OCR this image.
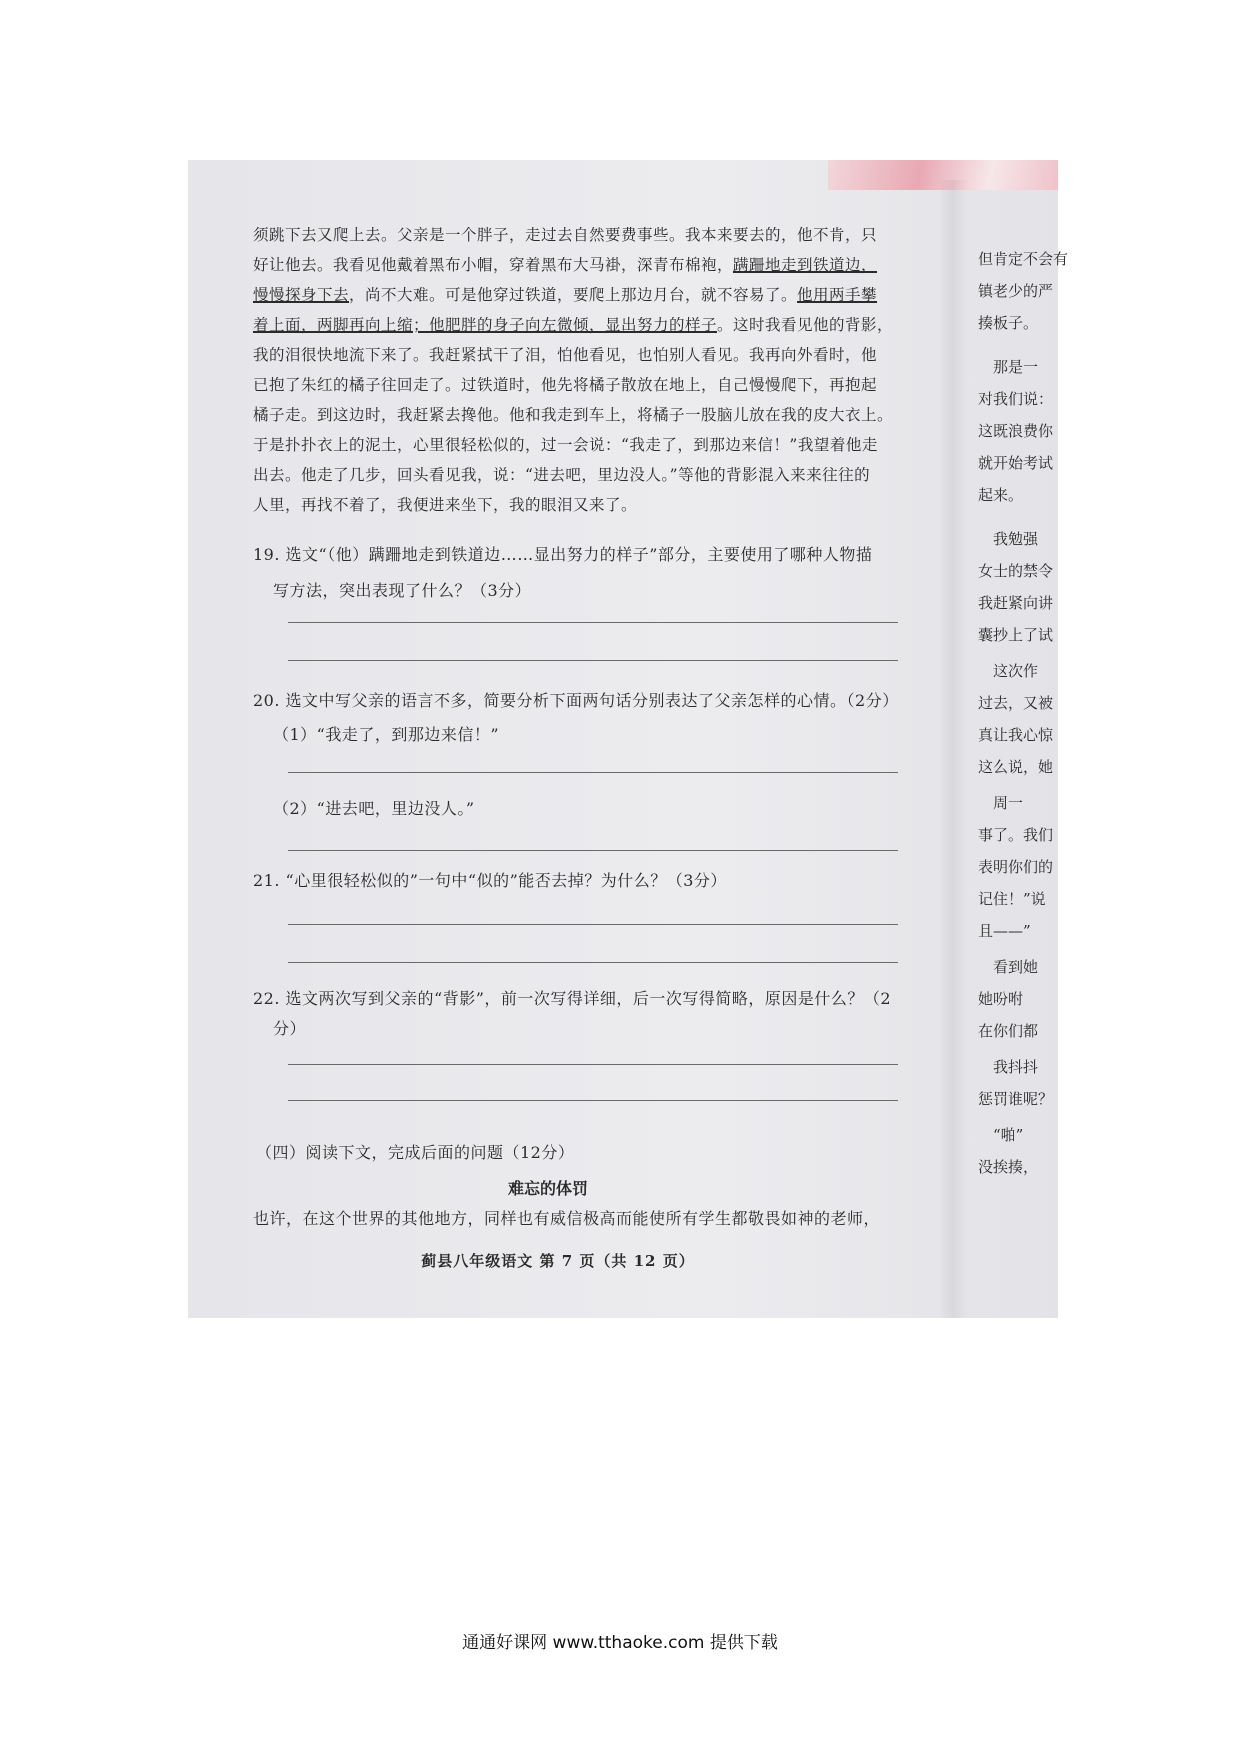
须跳下去又爬上去。父亲是一个胖子，走过去自然要费事些。我本来要去的，他不肯，只
好让他去。我看见他戴着黑布小帽，穿着黑布大马褂，深青布棉袍，蹒跚地走到铁道边，
慢慢探身下去，尚不大难。可是他穿过铁道，要爬上那边月台，就不容易了。他用两手攀
着上面，两脚再向上缩；他肥胖的身子向左微倾，显出努力的样子。这时我看见他的背影，
我的泪很快地流下来了。我赶紧拭干了泪，怕他看见，也怕别人看见。我再向外看时，他
已抱了朱红的橘子往回走了。过铁道时，他先将橘子散放在地上，自己慢慢爬下，再抱起
橘子走。到这边时，我赶紧去搀他。他和我走到车上，将橘子一股脑儿放在我的皮大衣上。
于是扑扑衣上的泥土，心里很轻松似的，过一会说：“我走了，到那边来信！”我望着他走
出去。他走了几步，回头看见我，说：“进去吧，里边没人。”等他的背影混入来来往往的
人里，再找不着了，我便进来坐下，我的眼泪又来了。

19. 选文“（他）蹒跚地走到铁道边……显出努力的样子”部分，主要使用了哪种人物描
写方法，突出表现了什么？（3分）
20. 选文中写父亲的语言不多，简要分析下面两句话分别表达了父亲怎样的心情。（2分）
（1）“我走了，到那边来信！”
（2）“进去吧，里边没人。”
21. “心里很轻松似的”一句中“似的”能否去掉？为什么？（3分）
22. 选文两次写到父亲的“背影”，前一次写得详细，后一次写得简略，原因是什么？（2
分）
（四）阅读下文，完成后面的问题（12分）
难忘的体罚
也许，在这个世界的其他地方，同样也有威信极高而能使所有学生都敬畏如神的老师，
蓟县八年级语文 第 7 页（共 12 页）
但肯定不会有
镇老少的严
揍板子。
　那是一
对我们说：
这既浪费你
就开始考试
起来。
　我勉强
女士的禁令
我赶紧向讲
囊抄上了试
　这次作
过去，又被
真让我心惊
这么说，她
　周一
事了。我们
表明你们的
记住！”说
且——”
　看到她
她吩咐
在你们都
　我抖抖
惩罚谁呢？
　“啪”
没挨揍，
通通好课网 www.tthaoke.com 提供下载
